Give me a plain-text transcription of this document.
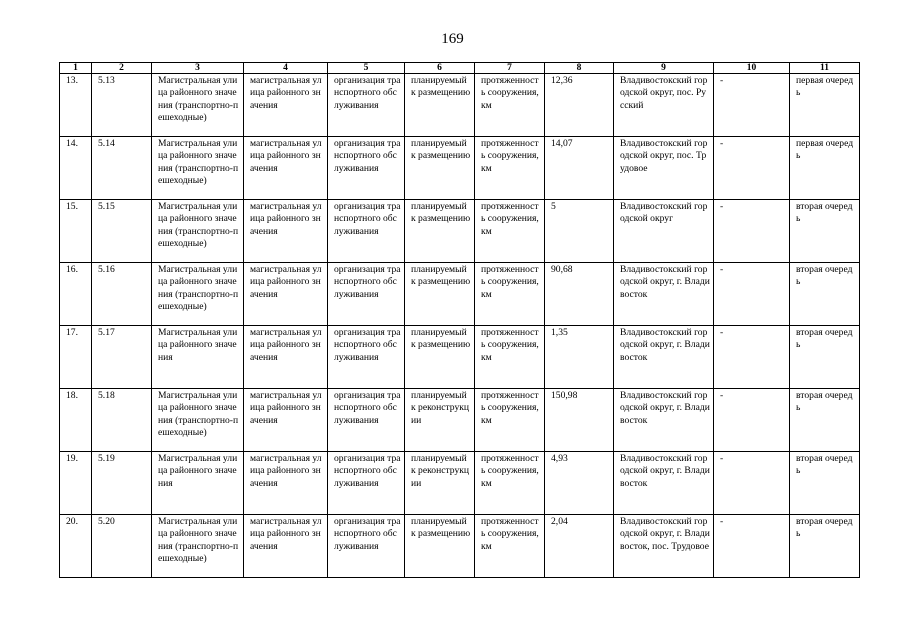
169
1	2	3	4	5	6	7	8	9	10	11
13.	5.13	Магистральная улица районного значения (транспортно-пешеходные)	магистральная улица районного значения	организация транспортного обслуживания	планируемый к размещению	протяженность сооружения, км	12,36	Владивостокский городской округ, пос. Русский	-	первая очередь
14.	5.14	Магистральная улица районного значения (транспортно-пешеходные)	магистральная улица районного значения	организация транспортного обслуживания	планируемый к размещению	протяженность сооружения, км	14,07	Владивостокский городской округ, пос. Трудовое	-	первая очередь
15.	5.15	Магистральная улица районного значения (транспортно-пешеходные)	магистральная улица районного значения	организация транспортного обслуживания	планируемый к размещению	протяженность сооружения, км	5	Владивостокский городской округ	-	вторая очередь
16.	5.16	Магистральная улица районного значения (транспортно-пешеходные)	магистральная улица районного значения	организация транспортного обслуживания	планируемый к размещению	протяженность сооружения, км	90,68	Владивостокский городской округ, г. Владивосток	-	вторая очередь
17.	5.17	Магистральная улица районного значения	магистральная улица районного значения	организация транспортного обслуживания	планируемый к размещению	протяженность сооружения, км	1,35	Владивостокский городской округ, г. Владивосток	-	вторая очередь
18.	5.18	Магистральная улица районного значения (транспортно-пешеходные)	магистральная улица районного значения	организация транспортного обслуживания	планируемый к реконструкции	протяженность сооружения, км	150,98	Владивостокский городской округ, г. Владивосток	-	вторая очередь
19.	5.19	Магистральная улица районного значения	магистральная улица районного значения	организация транспортного обслуживания	планируемый к реконструкции	протяженность сооружения, км	4,93	Владивостокский городской округ, г. Владивосток	-	вторая очередь
20.	5.20	Магистральная улица районного значения (транспортно-пешеходные)	магистральная улица районного значения	организация транспортного обслуживания	планируемый к размещению	протяженность сооружения, км	2,04	Владивостокский городской округ, г. Владивосток, пос. Трудовое	-	вторая очередь
